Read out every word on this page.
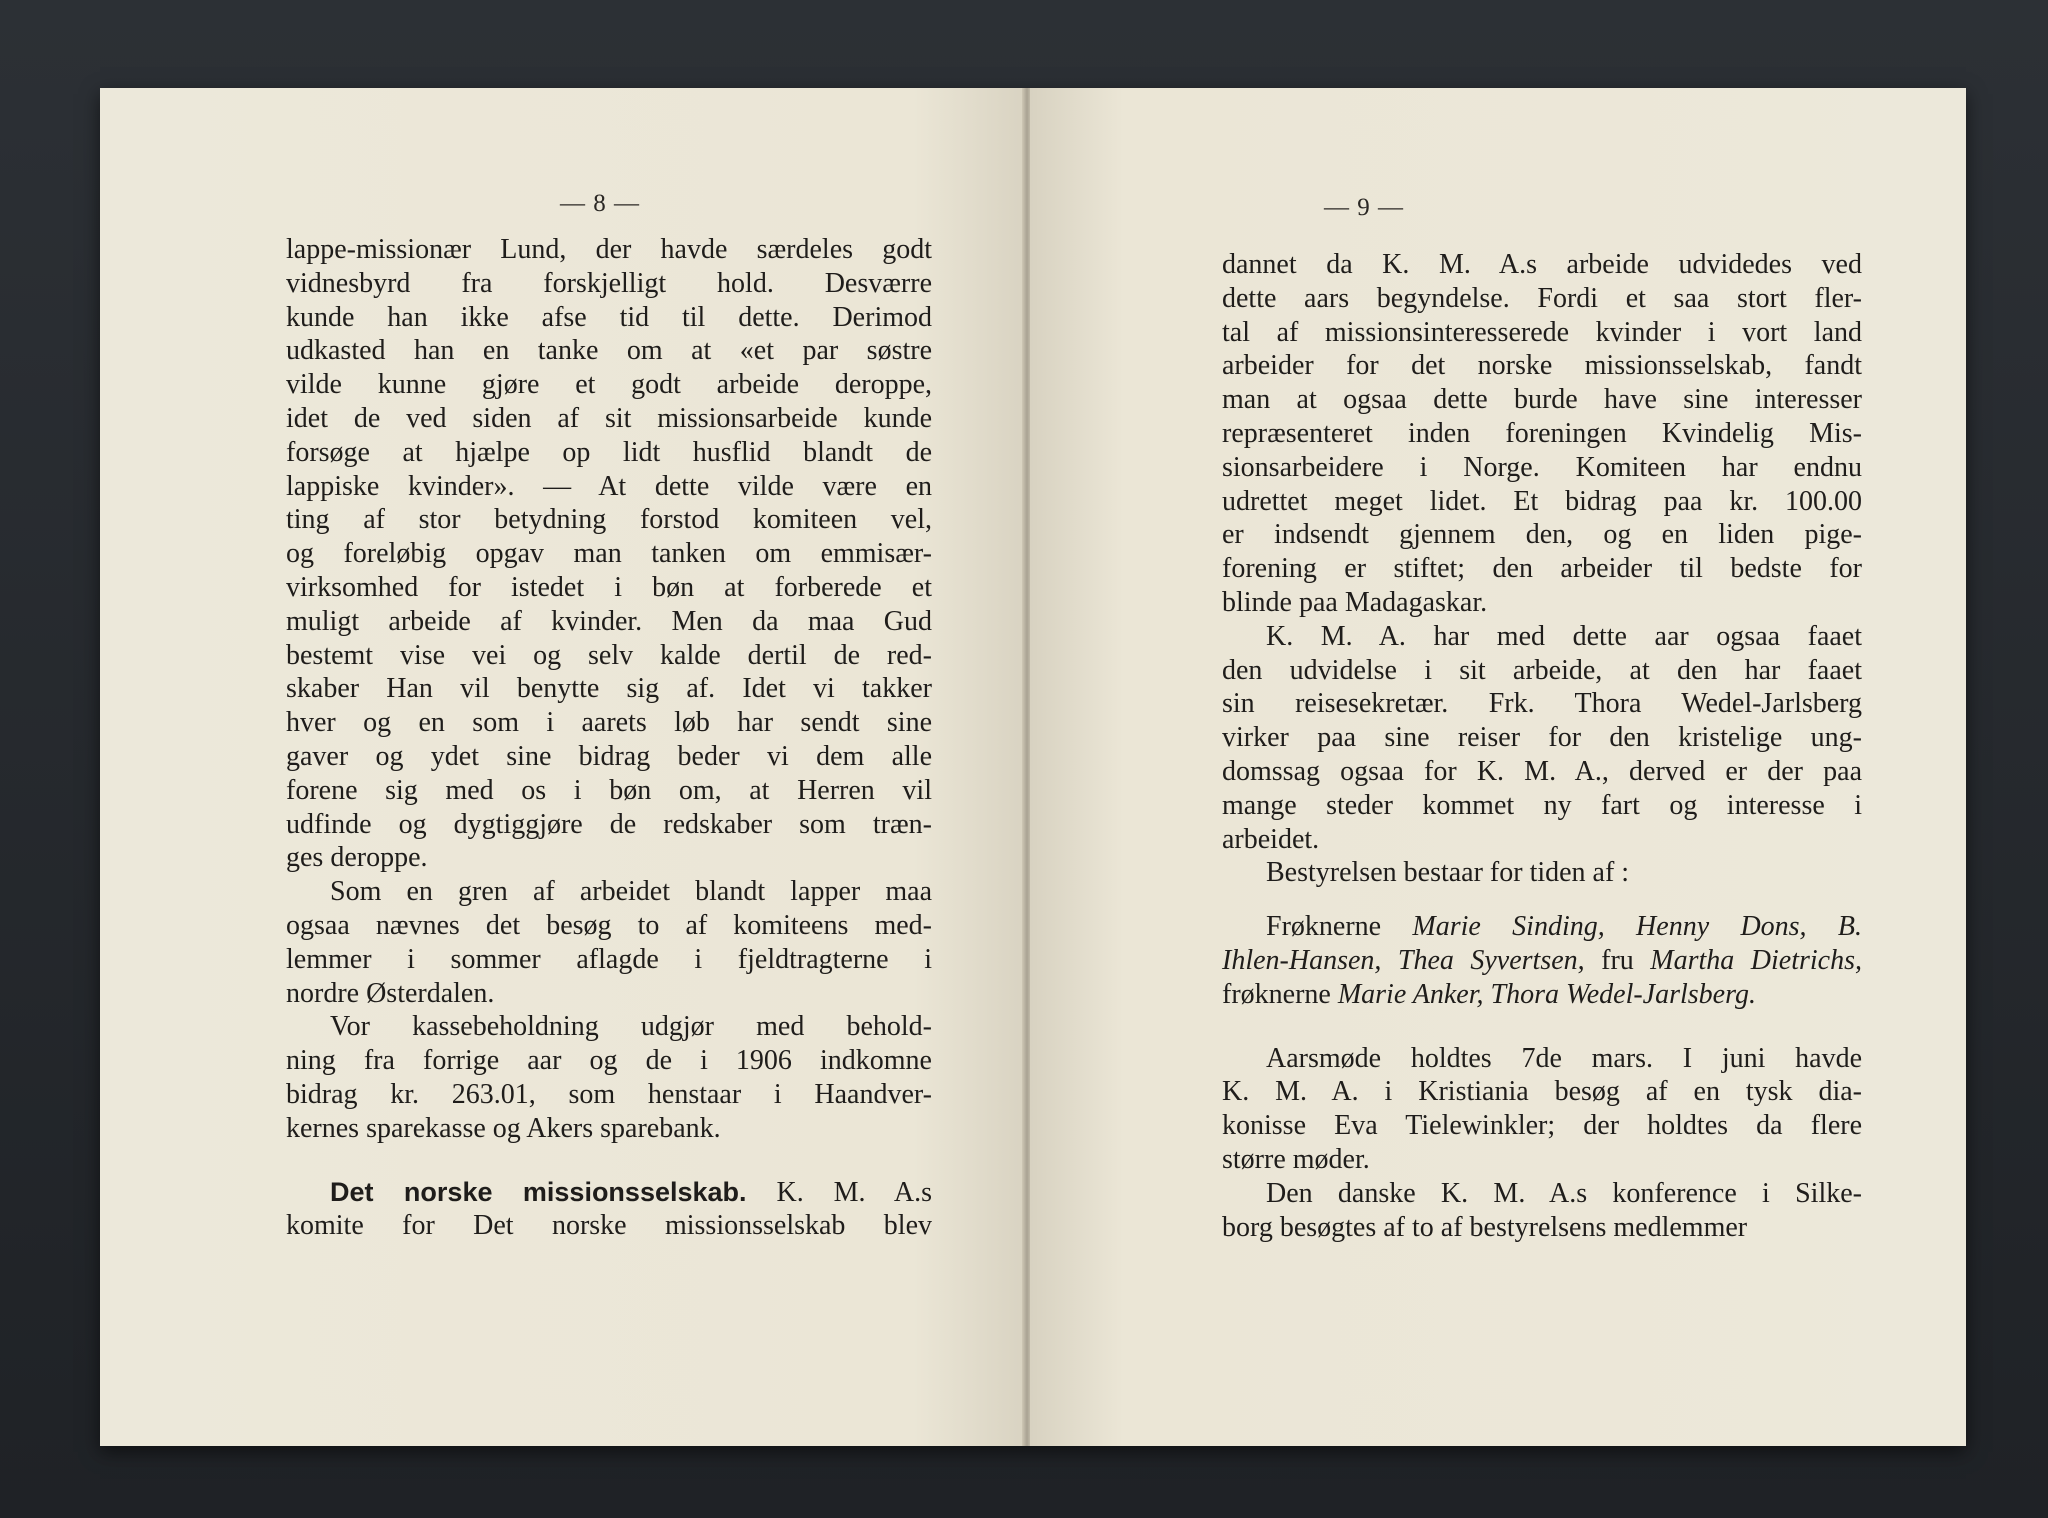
— 8 —
lappe-missionær Lund, der havde særdeles godt
vidnesbyrd fra forskjelligt hold. Desværre
kunde han ikke afse tid til dette. Derimod
udkasted han en tanke om at «et par søstre
vilde kunne gjøre et godt arbeide deroppe,
idet de ved siden af sit missionsarbeide kunde
forsøge at hjælpe op lidt husflid blandt de
lappiske kvinder». — At dette vilde være en
ting af stor betydning forstod komiteen vel,
og foreløbig opgav man tanken om emmisær-
virksomhed for istedet i bøn at forberede et
muligt arbeide af kvinder. Men da maa Gud
bestemt vise vei og selv kalde dertil de red-
skaber Han vil benytte sig af. Idet vi takker
hver og en som i aarets løb har sendt sine
gaver og ydet sine bidrag beder vi dem alle
forene sig med os i bøn om, at Herren vil
udfinde og dygtiggjøre de redskaber som træn-
ges deroppe.
Som en gren af arbeidet blandt lapper maa
ogsaa nævnes det besøg to af komiteens med-
lemmer i sommer aflagde i fjeldtragterne i
nordre Østerdalen.
Vor kassebeholdning udgjør med behold-
ning fra forrige aar og de i 1906 indkomne
bidrag kr. 263.01, som henstaar i Haandver-
kernes sparekasse og Akers sparebank.
Det norske missionsselskab. K. M. A.s
komite for Det norske missionsselskab blev
— 9 —
dannet da K. M. A.s arbeide udvidedes ved
dette aars begyndelse. Fordi et saa stort fler-
tal af missionsinteresserede kvinder i vort land
arbeider for det norske missionsselskab, fandt
man at ogsaa dette burde have sine interesser
repræsenteret inden foreningen Kvindelig Mis-
sionsarbeidere i Norge. Komiteen har endnu
udrettet meget lidet. Et bidrag paa kr. 100.00
er indsendt gjennem den, og en liden pige-
forening er stiftet; den arbeider til bedste for
blinde paa Madagaskar.
K. M. A. har med dette aar ogsaa faaet
den udvidelse i sit arbeide, at den har faaet
sin reisesekretær. Frk. Thora Wedel-Jarlsberg
virker paa sine reiser for den kristelige ung-
domssag ogsaa for K. M. A., derved er der paa
mange steder kommet ny fart og interesse i
arbeidet.
Bestyrelsen bestaar for tiden af :
Frøknerne Marie Sinding, Henny Dons, B.
Ihlen-Hansen, Thea Syvertsen, fru Martha Dietrichs,
frøknerne Marie Anker, Thora Wedel-Jarlsberg.
Aarsmøde holdtes 7de mars. I juni havde
K. M. A. i Kristiania besøg af en tysk dia-
konisse Eva Tielewinkler; der holdtes da flere
større møder.
Den danske K. M. A.s konference i Silke-
borg besøgtes af to af bestyrelsens medlemmer
